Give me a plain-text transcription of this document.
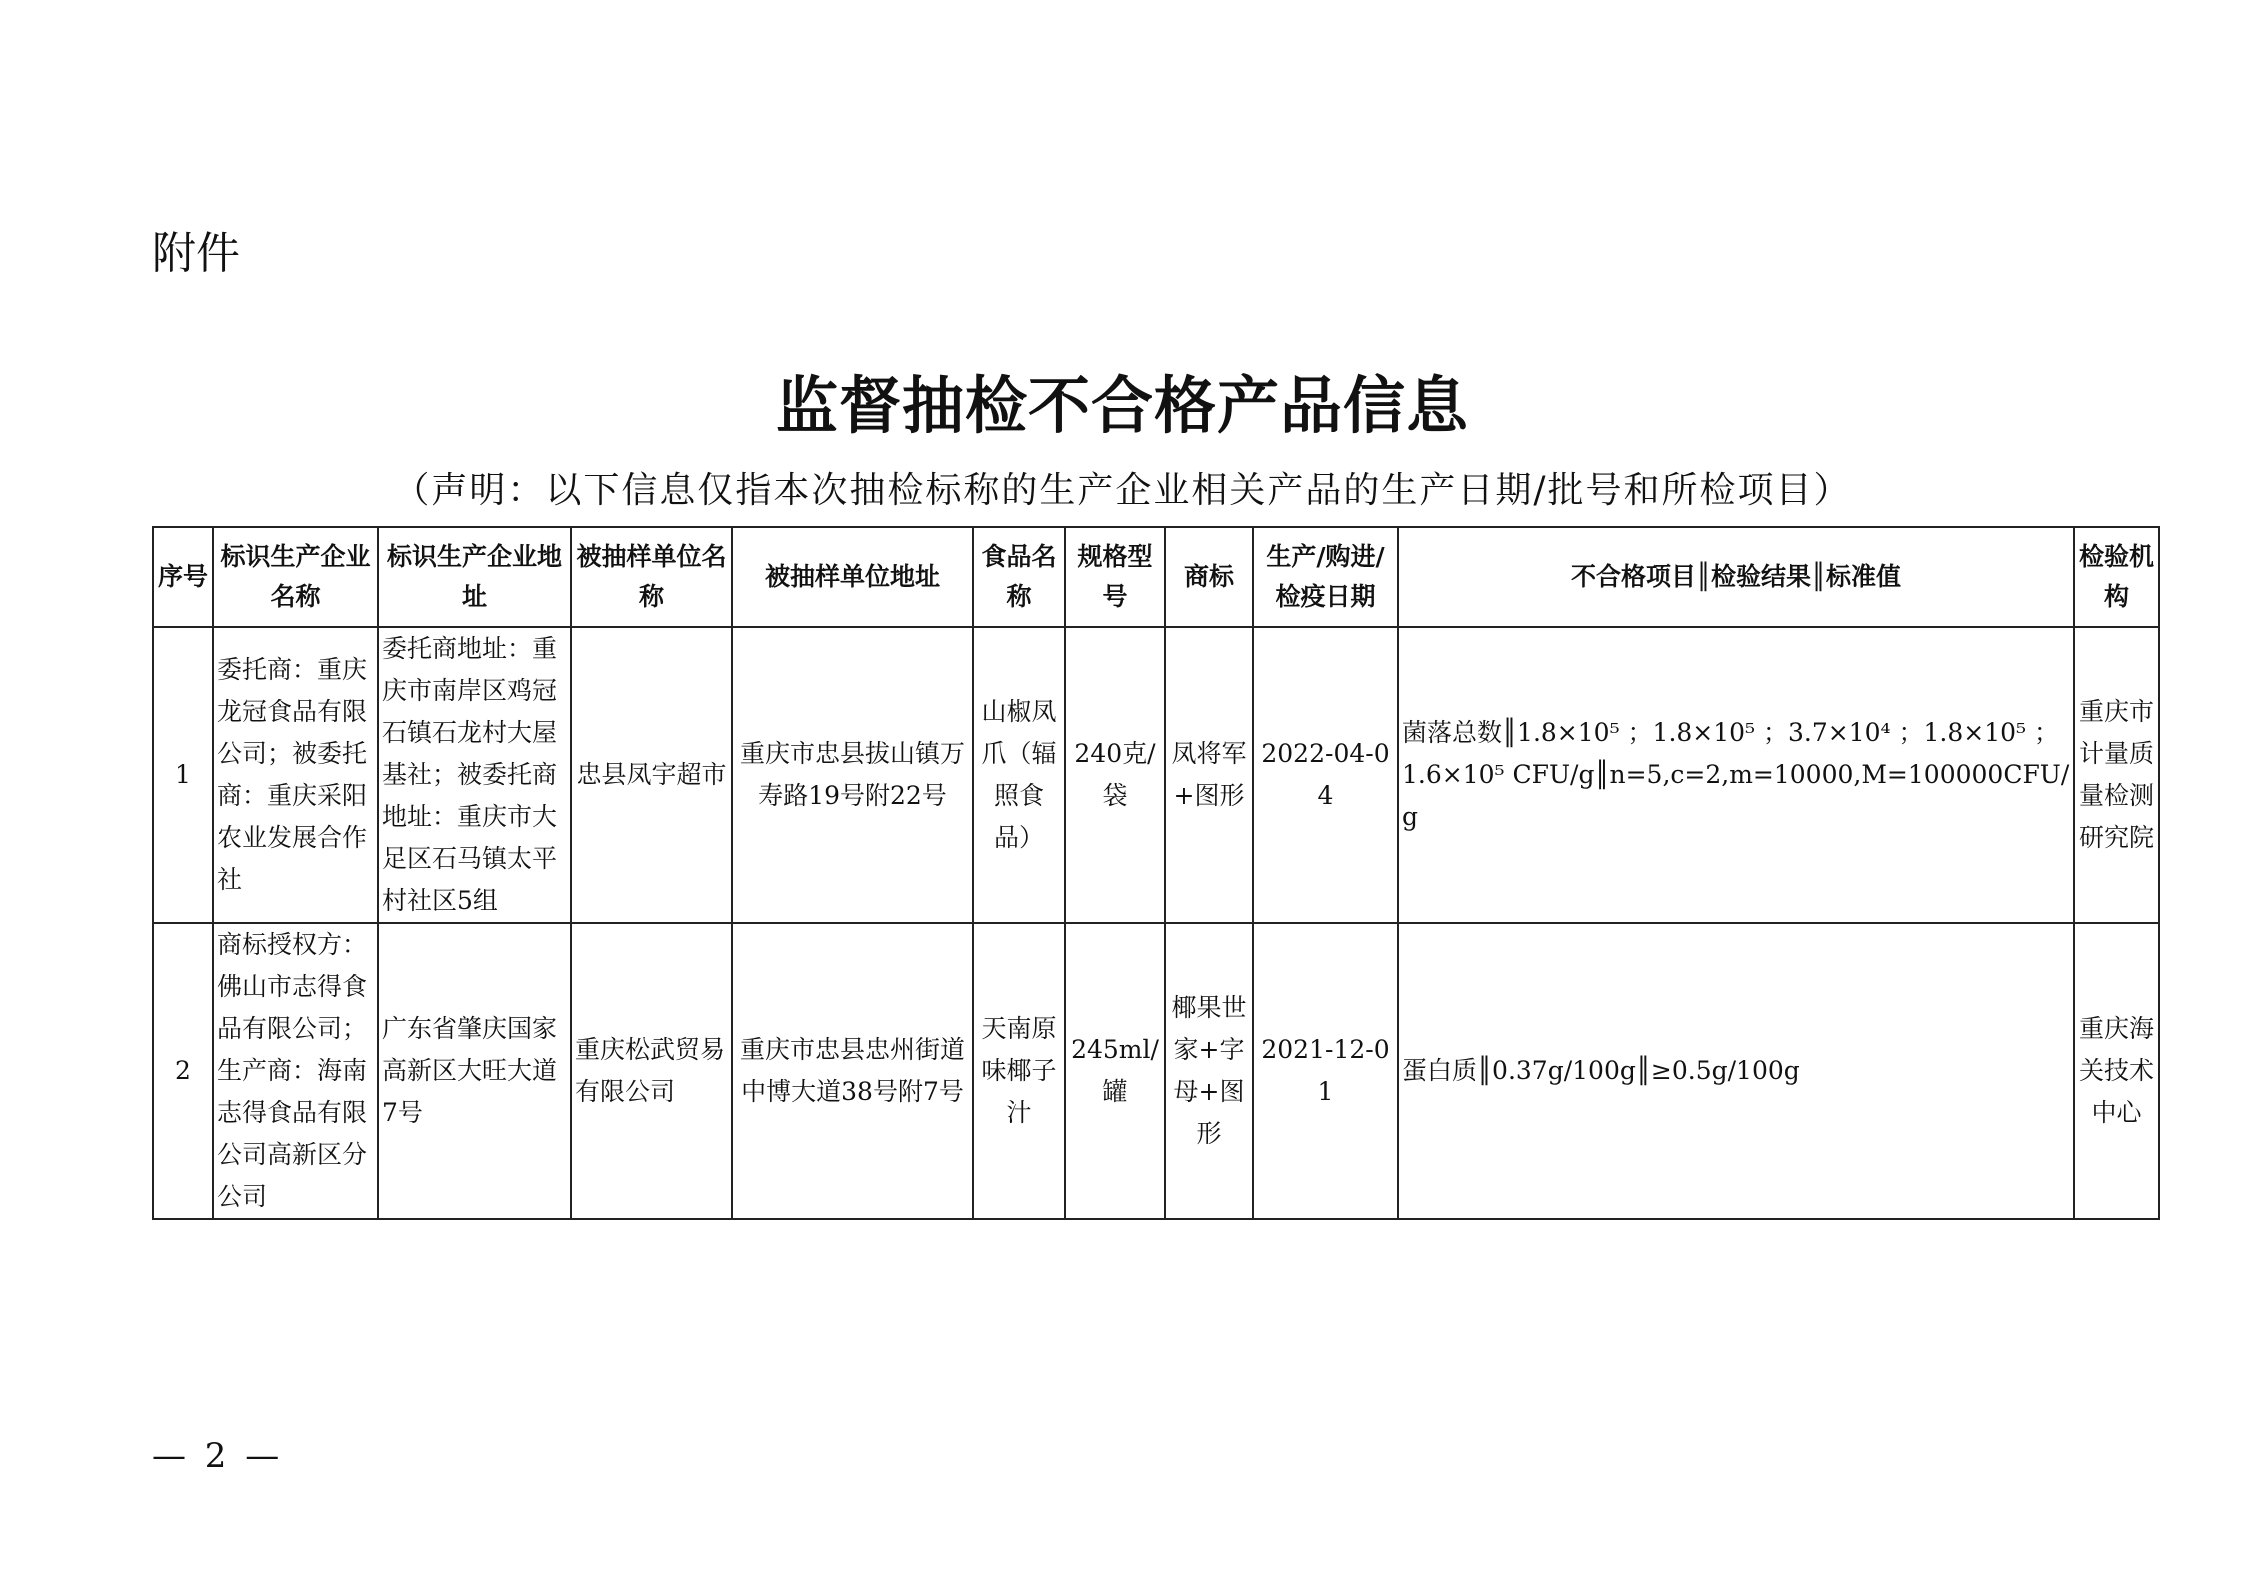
附件
监督抽检不合格产品信息
（声明：以下信息仅指本次抽检标称的生产企业相关产品的生产日期/批号和所检项目）
序号	标识生产企业名称	标识生产企业地址	被抽样单位名称	被抽样单位地址	食品名称	规格型号	商标	生产/购进/检疫日期	不合格项目║检验结果║标准值	检验机构
1	委托商：重庆龙冠食品有限公司；被委托商：重庆采阳农业发展合作社	委托商地址：重庆市南岸区鸡冠石镇石龙村大屋基社；被委托商地址：重庆市大足区石马镇太平村社区5组	忠县凤宇超市	重庆市忠县拔山镇万寿路19号附22号	山椒凤爪（辐照食品）	240克/袋	凤将军+图形	2022-04-04	菌落总数║1.8×10⁵ ；1.8×10⁵ ；3.7×10⁴ ；1.8×10⁵ ；1.6×10⁵ CFU/g║n=5,c=2,m=10000,M=100000CFU/g	重庆市计量质量检测研究院
2	商标授权方：佛山市志得食品有限公司；生产商：海南志得食品有限公司高新区分公司	广东省肇庆国家高新区大旺大道7号	重庆松武贸易有限公司	重庆市忠县忠州街道中博大道38号附7号	天南原味椰子汁	245ml/罐	椰果世家+字母+图形	2021-12-01	蛋白质║0.37g/100g║≥0.5g/100g	重庆海关技术中心
— 2 —
